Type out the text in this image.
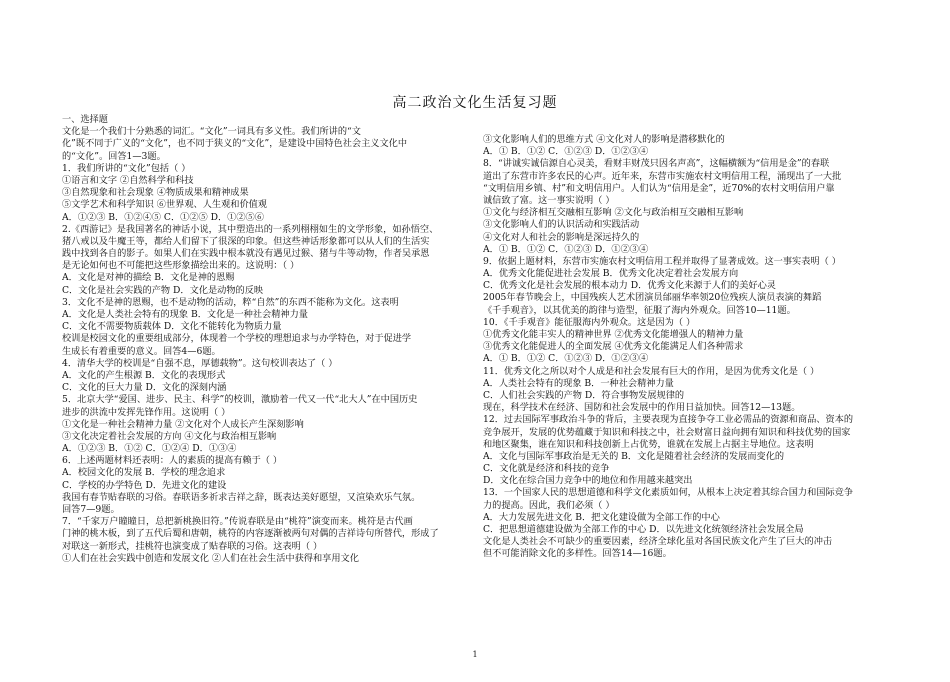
高二政治文化生活复习题
一、选择题
文化是一个我们十分熟悉的词汇。“文化”一词具有多义性。我们所讲的“文
化”既不同于广义的“文化”，也不同于狭义的“文化”，是建设中国特色社会主义文化中
的“文化”。回答1—3题。
1．我们所讲的“文化”包括（ ）
①语言和文字 ②自然科学和科技
③自然现象和社会现象 ④物质成果和精神成果
⑤文学艺术和科学知识 ⑥世界观、人生观和价值观
A．①②③ B．①②④⑤ C．①②⑤ D．①②⑤⑥
2.《西游记》是我国著名的神话小说，其中塑造出的一系列栩栩如生的文学形象，如孙悟空、
猪八戒以及牛魔王等，都给人们留下了很深的印象。但这些神话形象都可以从人们的生活实
践中找到各自的影子。如果人们在实践中根本就没有遇见过猴、猪与牛等动物，作者吴承恩
是无论如何也不可能把这些形象描绘出来的。这说明：（ ）
A．文化是对神的描绘 B．文化是神的恩赐
C．文化是社会实践的产物 D．文化是动物的反映
3．文化不是神的恩赐，也不是动物的活动，粹“自然”的东西不能称为文化。这表明
A．文化是人类社会特有的现象 B．文化是一种社会精神力量
C．文化不需要物质载体 D．文化不能转化为物质力量
校训是校园文化的重要组成部分，体现着一个学校的理想追求与办学特色，对于促进学
生成长有着重要的意义。回答4—6题。
4．清华大学的校训是“自强不息，厚德载物”。这句校训表达了（ ）
A．文化的产生根源 B．文化的表现形式
C．文化的巨大力量 D．文化的深刻内涵
5．北京大学“爱国、进步、民主、科学”的校训，激励着一代又一代“北大人”在中国历史
进步的洪流中发挥先锋作用。这说明（ ）
①文化是一种社会精神力量 ②文化对个人成长产生深刻影响
③文化决定着社会发展的方向 ④文化与政治相互影响
A．①②③ B．①② C．①②④ D．①③④
6．上述两题材料还表明：人的素质的提高有赖于（ ）
A．校园文化的发展 B．学校的理念追求
C．学校的办学特色 D．先进文化的建设
我国有春节贴春联的习俗。春联语多祈求吉祥之辞，既表达美好愿望，又渲染欢乐气氛。
回答7—9题。
7．“千家万户瞳瞳日，总把新桃换旧符。”传说春联是由“桃符”演变而来。桃符是古代画
门神的桃木板，到了五代后蜀和唐朝，桃符的内容逐渐被两句对偶的吉祥诗句所替代，形成了
对联这一新形式，挂桃符也演变成了贴春联的习俗。这表明（ ）
①人们在社会实践中创造和发展文化 ②人们在社会生活中获得和享用文化
③文化影响人们的思维方式 ④文化对人的影响是潜移默化的
A．① B．①② C．①②③ D．①②③④
8．“讲诚实诚信源自心灵美，看财丰财茂只因名声高”，这幅横额为“信用是金”的春联
道出了东营市许多农民的心声。近年来，东营市实施农村文明信用工程，涌现出了一大批
“文明信用乡镇、村”和文明信用户。人们认为“信用是金”，近70%的农村文明信用户靠
诚信致了富。这一事实说明（ ）
①文化与经济相互交融相互影响 ②文化与政治相互交融相互影响
③文化影响人们的认识活动和实践活动
④文化对人和社会的影响是深远持久的
A．① B．①② C．①②③ D．①②③④
9．依据上题材料，东营市实施农村文明信用工程并取得了显著成效。这一事实表明（ ）
A．优秀文化能促进社会发展 B．优秀文化决定着社会发展方向
C．优秀文化是社会发展的根本动力 D．优秀文化来源于人们的美好心灵
2005年春节晚会上，中国残疾人艺术团演员邰丽华率领20位残疾人演员表演的舞蹈
《千手观音》，以其优美的韵律与造型，征服了海内外观众。回答10—11题。
10．《千手观音》能征服海内外观众。这是因为（ ）
①优秀文化能丰实人的精神世界 ②优秀文化能增强人的精神力量
③优秀文化能促进人的全面发展 ④优秀文化能满足人们各种需求
A．① B．①② C．①②③ D．①②③④
11．优秀文化之所以对个人成是和社会发展有巨大的作用，是因为优秀文化是（ ）
A．人类社会特有的现象 B．一种社会精神力量
C．人们社会实践的产物 D．符合事物发展规律的
现在，科学技术在经济、国防和社会发展中的作用日益加快。回答12—13题。
12．过去国际军事政治斗争的背后，主要表现为直接争夺工业必需品的资源和商品、资本的
竞争展开，发展的优势蕴藏于知识和科技之中，社会财富日益向拥有知识和科技优势的国家
和地区聚集，谁在知识和科技创新上占优势，谁就在发展上占据主导地位。这表明
A．文化与国际军事政治是无关的 B．文化是随着社会经济的发展而变化的
C．文化就是经济和科技的竞争
D．文化在综合国力竞争中的地位和作用越来越突出
13．一个国家人民的思想道德和科学文化素质如何，从根本上决定着其综合国力和国际竞争
力的提高。因此，我们必须（ ）
A．大力发展先进文化 B．把文化建设做为全部工作的中心
C．把思想道德建设做为全部工作的中心 D．以先进文化统领经济社会发展全局
文化是人类社会不可缺少的重要因素，经济全球化虽对各国民族文化产生了巨大的冲击
但不可能消除文化的多样性。回答14—16题。
1
